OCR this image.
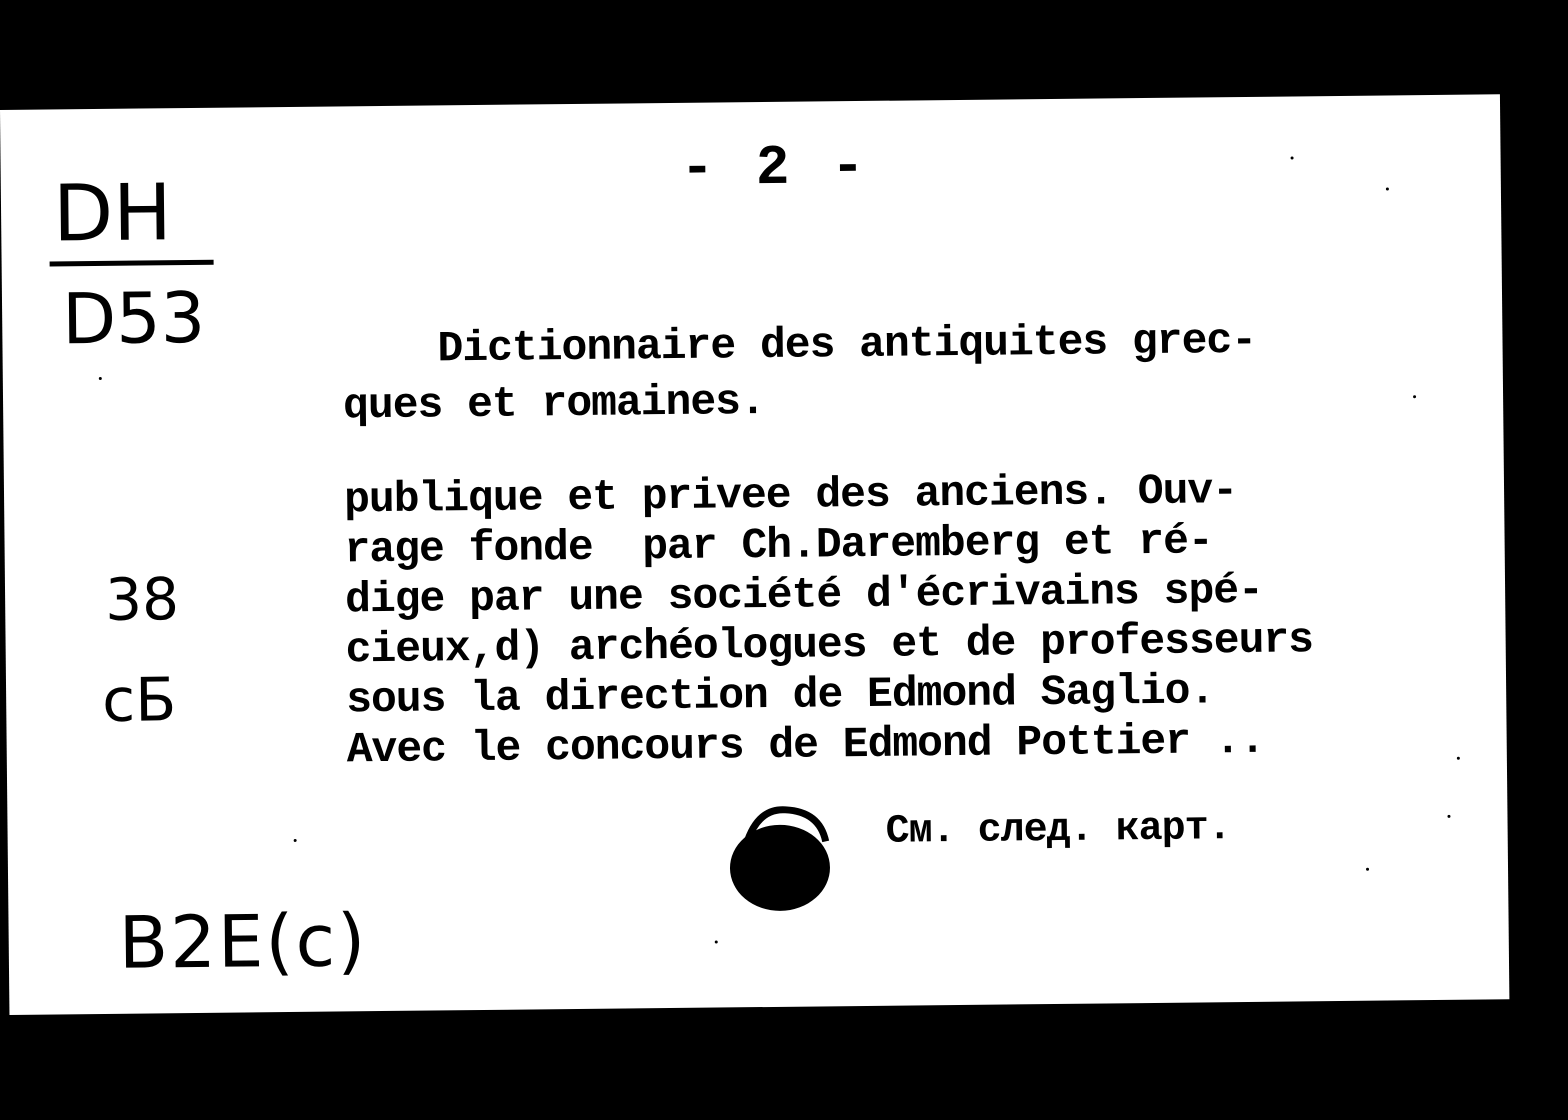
- 2 -
DH
D53	Dictionnaire des antiquites grec-
ques et romaines.
publique et privee des anciens. Ouv-
rage fonde  par Ch.Daremberg et ré-
dige par une société d'écrivains spé-
cieux,d) archéologues et de professeurs
sous la direction de Edmond Saglio.
Avec le concours de Edmond Pottier ..
38
cБ
См. след. карт.
B2E(c)
